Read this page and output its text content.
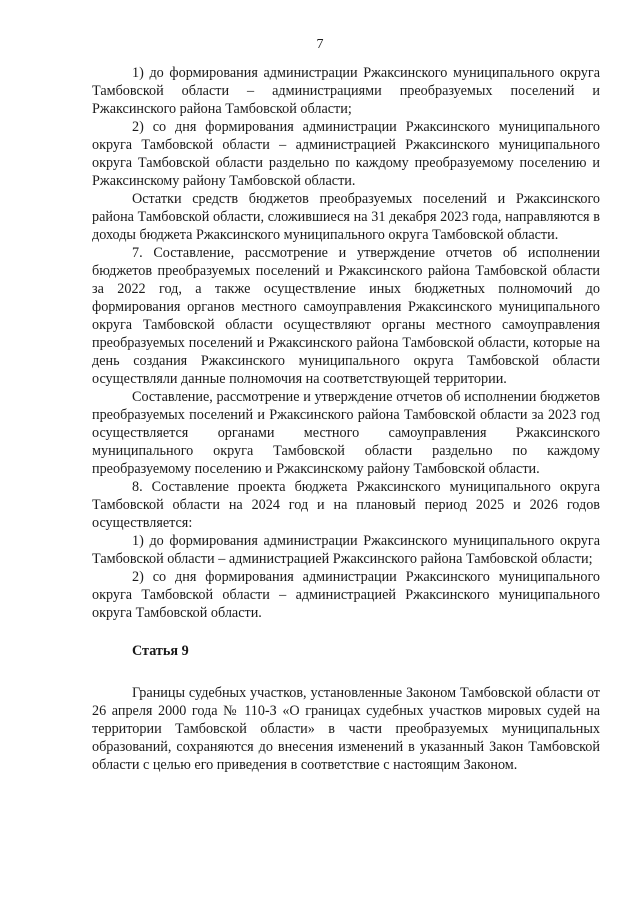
7

1) до формирования администрации Ржаксинского муниципального округа Тамбовской области – администрациями преобразуемых поселений и Ржаксинского района Тамбовской области;

2) со дня формирования администрации Ржаксинского муниципального округа Тамбовской области – администрацией Ржаксинского муниципального округа Тамбовской области раздельно по каждому преобразуемому поселению и Ржаксинскому району Тамбовской области.

Остатки средств бюджетов преобразуемых поселений и Ржаксинского района Тамбовской области, сложившиеся на 31 декабря 2023 года, направляются в доходы бюджета Ржаксинского муниципального округа Тамбовской области.

7. Составление, рассмотрение и утверждение отчетов об исполнении бюджетов преобразуемых поселений и Ржаксинского района Тамбовской области за 2022 год, а также осуществление иных бюджетных полномочий до формирования органов местного самоуправления Ржаксинского муниципального округа Тамбовской области осуществляют органы местного самоуправления преобразуемых поселений и Ржаксинского района Тамбовской области, которые на день создания Ржаксинского муниципального округа Тамбовской области осуществляли данные полномочия на соответствующей территории.

Составление, рассмотрение и утверждение отчетов об исполнении бюджетов преобразуемых поселений и Ржаксинского района Тамбовской области за 2023 год осуществляется органами местного самоуправления Ржаксинского муниципального округа Тамбовской области раздельно по каждому преобразуемому поселению и Ржаксинскому району Тамбовской области.

8. Составление проекта бюджета Ржаксинского муниципального округа Тамбовской области на 2024 год и на плановый период 2025 и 2026 годов осуществляется:

1) до формирования администрации Ржаксинского муниципального округа Тамбовской области – администрацией Ржаксинского района Тамбовской области;

2) со дня формирования администрации Ржаксинского муниципального округа Тамбовской области – администрацией Ржаксинского муниципального округа Тамбовской области.

Статья 9

Границы судебных участков, установленные Законом Тамбовской области от 26 апреля 2000 года № 110-З «О границах судебных участков мировых судей на территории Тамбовской области» в части преобразуемых муниципальных образований, сохраняются до внесения изменений в указанный Закон Тамбовской области с целью его приведения в соответствие с настоящим Законом.
